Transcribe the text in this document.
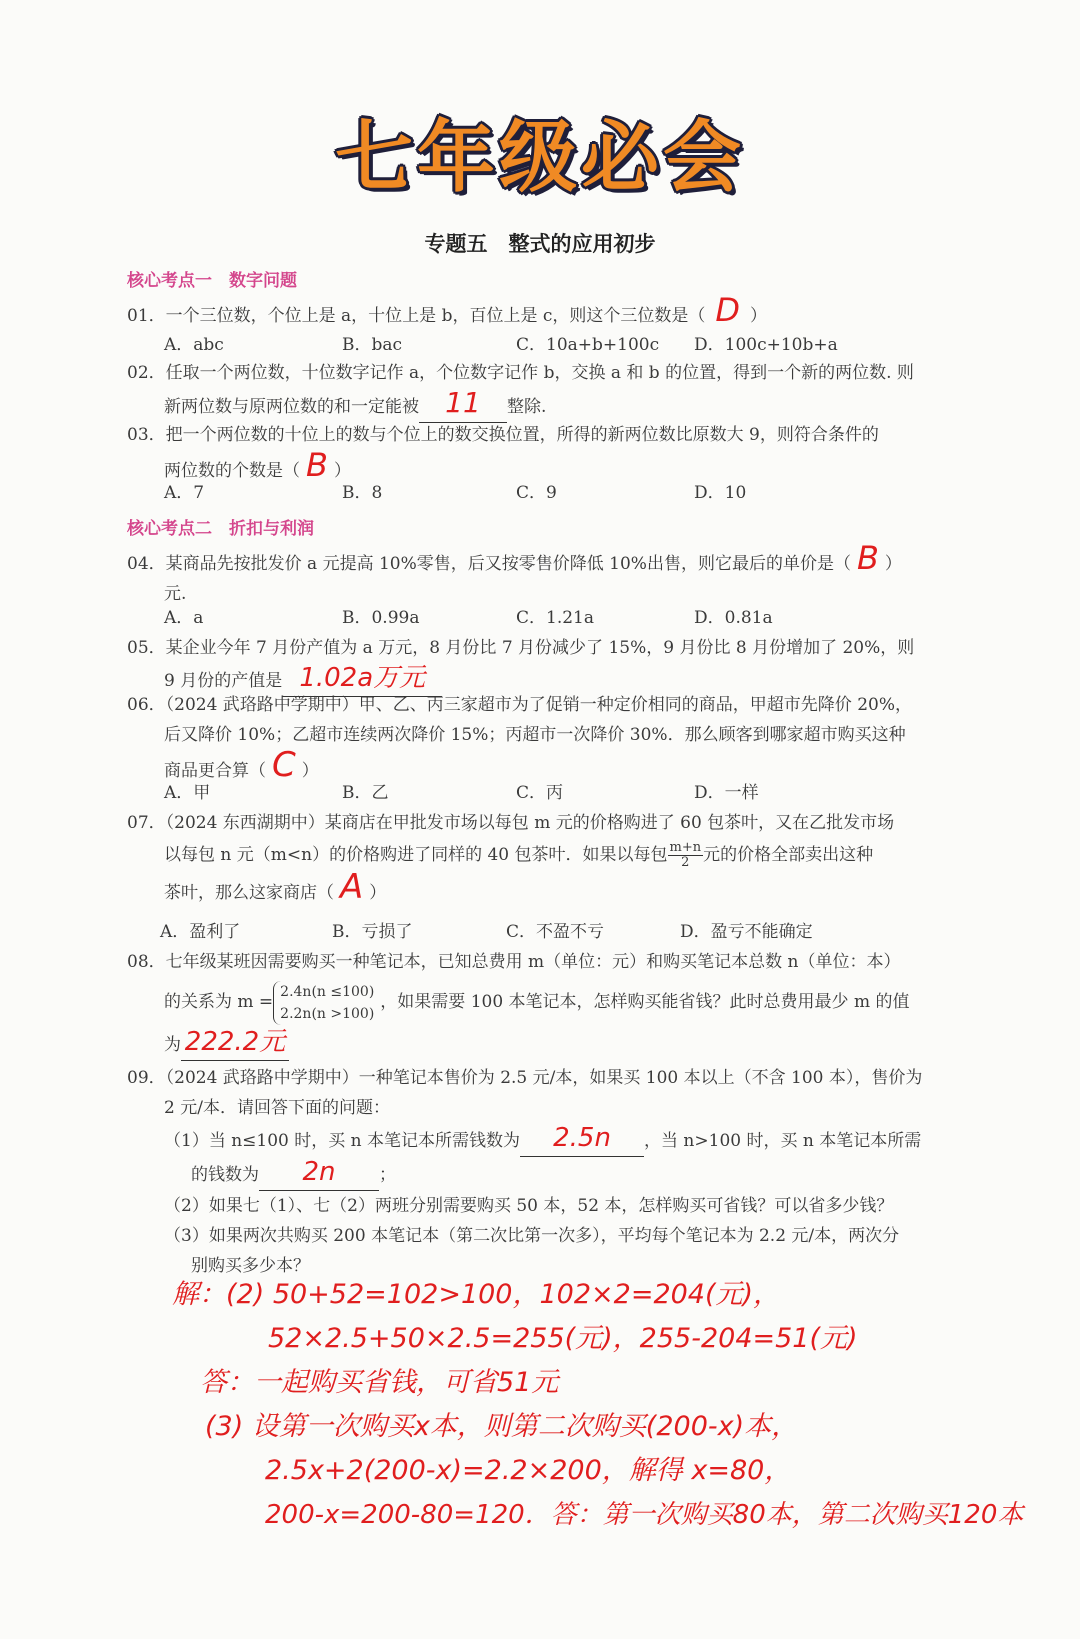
七年级必会
专题五　整式的应用初步
核心考点一　数字问题
01．一个三位数，个位上是 a，十位上是 b，百位上是 c，则这个三位数是（ D ）
A．abc	B．bac	C．10a+b+100c D．100c+10b+a
02．任取一个两位数，十位数字记作 a，个位数字记作 b，交换 a 和 b 的位置，得到一个新的两位数. 则
新两位数与原两位数的和一定能被 11 整除.
03．把一个两位数的十位上的数与个位上的数交换位置，所得的新两位数比原数大 9，则符合条件的
两位数的个数是（ B ）
A．7	B．8	C．9	D．10
核心考点二　折扣与利润
04．某商品先按批发价 a 元提高 10%零售，后又按零售价降低 10%出售，则它最后的单价是（ B ）
元.
A．a	B．0.99a	C．1.21a	D．0.81a
05．某企业今年 7 月份产值为 a 万元，8 月份比 7 月份减少了 15%，9 月份比 8 月份增加了 20%，则
9 月份的产值是 1.02a万元
06．（2024 武珞路中学期中）甲、乙、丙三家超市为了促销一种定价相同的商品，甲超市先降价 20%，
后又降价 10%；乙超市连续两次降价 15%；丙超市一次降价 30%．那么顾客到哪家超市购买这种
商品更合算（ C ）
A．甲	B．乙	C．丙	D．一样
07．（2024 东西湖期中）某商店在甲批发市场以每包 m 元的价格购进了 60 包茶叶，又在乙批发市场
以每包 n 元（m<n）的价格购进了同样的 40 包茶叶．如果以每包 $\frac{m+n}{2}$元的价格全部卖出这种
茶叶，那么这家商店（ A ）
A．盈利了	B．亏损了	C．不盈不亏	D．盈亏不能确定
08．七年级某班因需要购买一种笔记本，已知总费用 m（单位：元）和购买笔记本总数 n（单位：本）
的关系为 m =
2.4n(n ≤100)
2.2n(n >100)
，如果需要 100 本笔记本，怎样购买能省钱？此时总费用最少 m 的值
为 222.2元
09．（2024 武珞路中学期中）一种笔记本售价为 2.5 元/本，如果买 100 本以上（不含 100 本），售价为
2 元/本．请回答下面的问题：
（1）当 n≤100 时，买 n 本笔记本所需钱数为 2.5n ，当 n>100 时，买 n 本笔记本所需
的钱数为 2n	；
（2）如果七（1）、七（2）两班分别需要购买 50 本，52 本，怎样购买可省钱？可以省多少钱？
（3）如果两次共购买 200 本笔记本（第二次比第一次多），平均每个笔记本为 2.2 元/本，两次分
别购买多少本？
解：(2) 50+52=102>100，102×2=204(元)，
52×2.5+50×2.5=255(元)，255-204=51(元)
答：一起购买省钱，可省51元
(3) 设第一次购买x本，则第二次购买(200-x)本，
2.5x+2(200-x)=2.2×200，解得 x=80，
200-x=200-80=120．答：第一次购买80本，第二次购买120本
